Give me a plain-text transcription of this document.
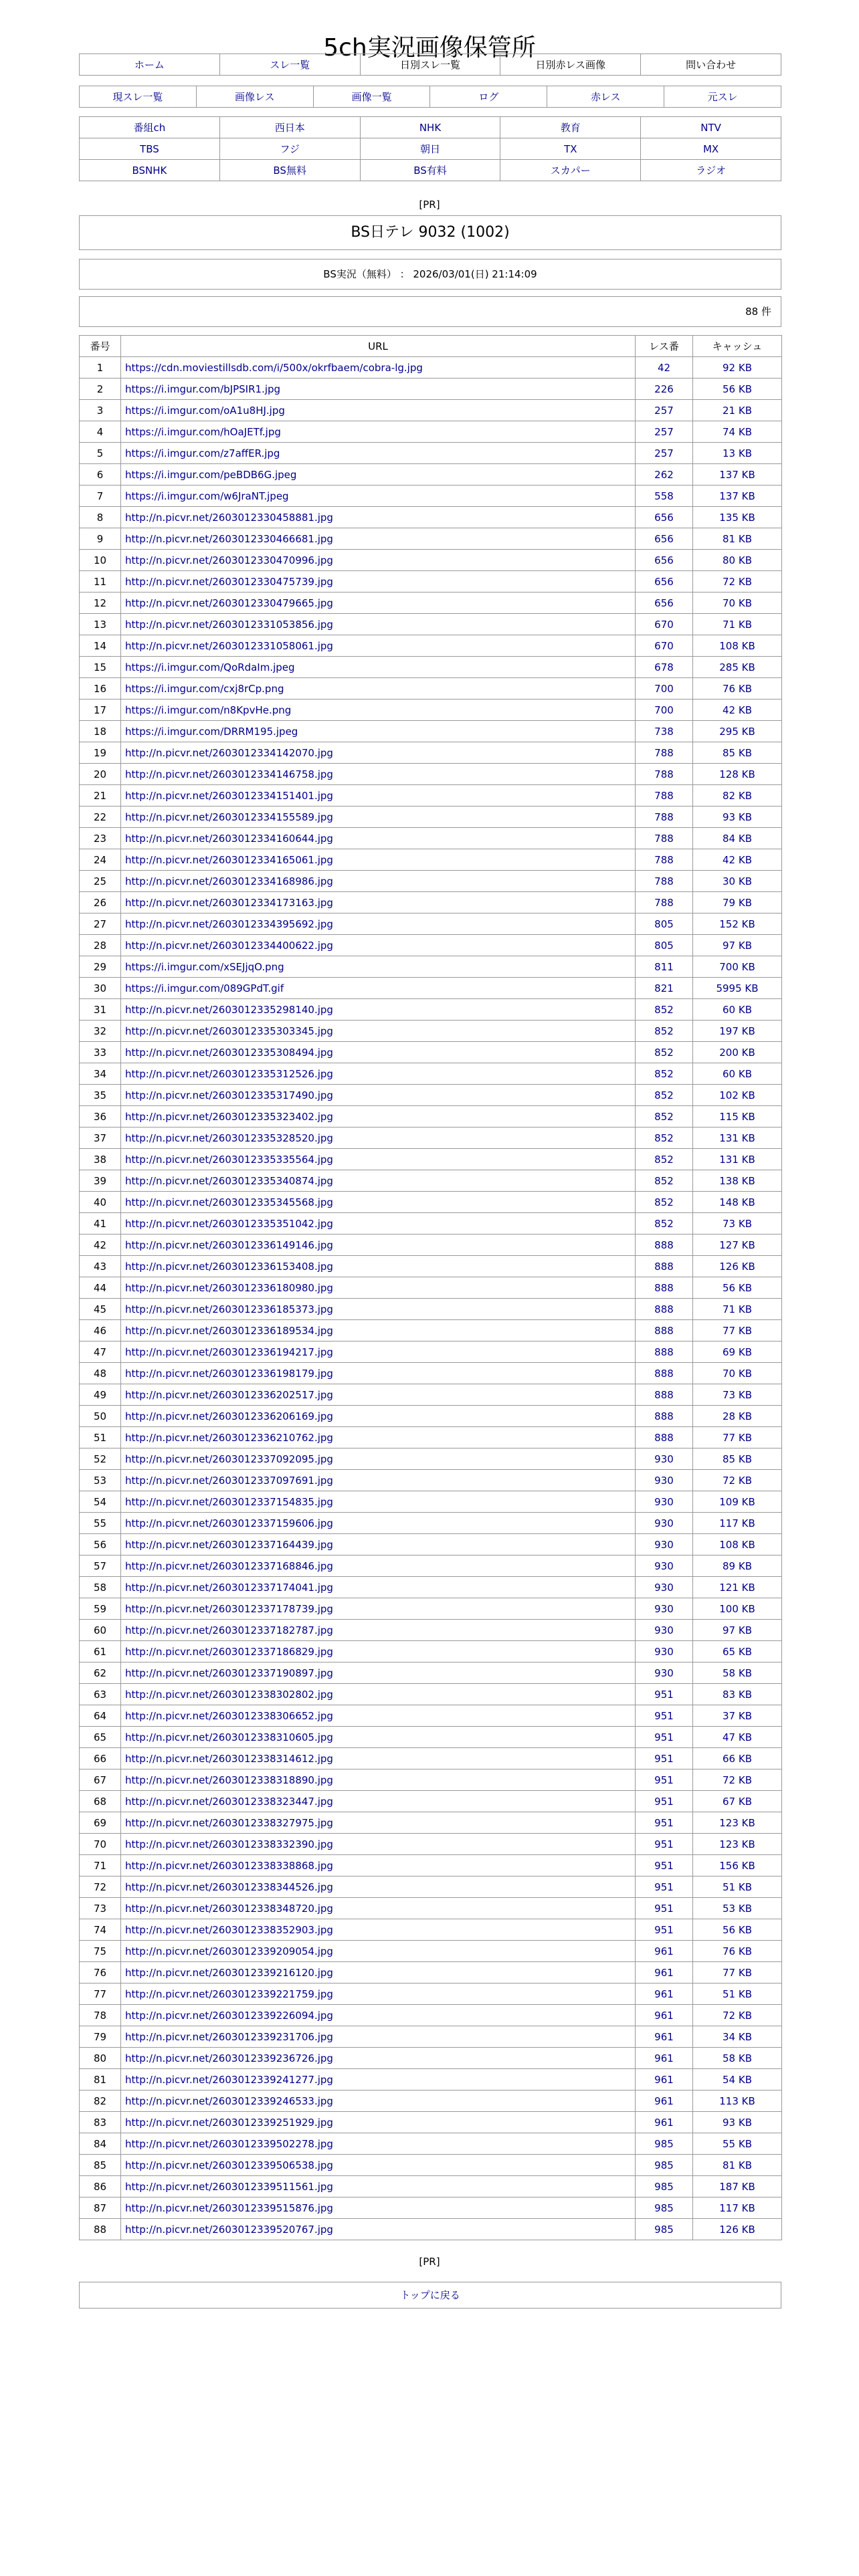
5ch実況画像保管所
ホーム	スレ一覧	日別スレ一覧	日別赤レス画像	問い合わせ
現スレ一覧	画像レス	画像一覧	ログ	赤レス	元スレ
番組ch	西日本	NHK	教育	NTV
TBS	フジ	朝日	TX	MX
BSNHK	BS無料	BS有料	スカパー	ラジオ
[PR]
BS日テレ 9032 (1002)
BS実況（無料） ： 2026/03/01(日) 21:14:09
88 件
番号	URL	レス番	キャッシュ
1	https://cdn.moviestillsdb.com/i/500x/okrfbaem/cobra-lg.jpg	42	92 KB
2	https://i.imgur.com/bJPSIR1.jpg	226	56 KB
3	https://i.imgur.com/oA1u8HJ.jpg	257	21 KB
4	https://i.imgur.com/hOaJETf.jpg	257	74 KB
5	https://i.imgur.com/z7affER.jpg	257	13 KB
6	https://i.imgur.com/peBDB6G.jpeg	262	137 KB
7	https://i.imgur.com/w6JraNT.jpeg	558	137 KB
8	http://n.picvr.net/2603012330458881.jpg	656	135 KB
9	http://n.picvr.net/2603012330466681.jpg	656	81 KB
10	http://n.picvr.net/2603012330470996.jpg	656	80 KB
11	http://n.picvr.net/2603012330475739.jpg	656	72 KB
12	http://n.picvr.net/2603012330479665.jpg	656	70 KB
13	http://n.picvr.net/2603012331053856.jpg	670	71 KB
14	http://n.picvr.net/2603012331058061.jpg	670	108 KB
15	https://i.imgur.com/QoRdaIm.jpeg	678	285 KB
16	https://i.imgur.com/cxj8rCp.png	700	76 KB
17	https://i.imgur.com/n8KpvHe.png	700	42 KB
18	https://i.imgur.com/DRRM195.jpeg	738	295 KB
19	http://n.picvr.net/2603012334142070.jpg	788	85 KB
20	http://n.picvr.net/2603012334146758.jpg	788	128 KB
21	http://n.picvr.net/2603012334151401.jpg	788	82 KB
22	http://n.picvr.net/2603012334155589.jpg	788	93 KB
23	http://n.picvr.net/2603012334160644.jpg	788	84 KB
24	http://n.picvr.net/2603012334165061.jpg	788	42 KB
25	http://n.picvr.net/2603012334168986.jpg	788	30 KB
26	http://n.picvr.net/2603012334173163.jpg	788	79 KB
27	http://n.picvr.net/2603012334395692.jpg	805	152 KB
28	http://n.picvr.net/2603012334400622.jpg	805	97 KB
29	https://i.imgur.com/xSEJjqO.png	811	700 KB
30	https://i.imgur.com/089GPdT.gif	821	5995 KB
31	http://n.picvr.net/2603012335298140.jpg	852	60 KB
32	http://n.picvr.net/2603012335303345.jpg	852	197 KB
33	http://n.picvr.net/2603012335308494.jpg	852	200 KB
34	http://n.picvr.net/2603012335312526.jpg	852	60 KB
35	http://n.picvr.net/2603012335317490.jpg	852	102 KB
36	http://n.picvr.net/2603012335323402.jpg	852	115 KB
37	http://n.picvr.net/2603012335328520.jpg	852	131 KB
38	http://n.picvr.net/2603012335335564.jpg	852	131 KB
39	http://n.picvr.net/2603012335340874.jpg	852	138 KB
40	http://n.picvr.net/2603012335345568.jpg	852	148 KB
41	http://n.picvr.net/2603012335351042.jpg	852	73 KB
42	http://n.picvr.net/2603012336149146.jpg	888	127 KB
43	http://n.picvr.net/2603012336153408.jpg	888	126 KB
44	http://n.picvr.net/2603012336180980.jpg	888	56 KB
45	http://n.picvr.net/2603012336185373.jpg	888	71 KB
46	http://n.picvr.net/2603012336189534.jpg	888	77 KB
47	http://n.picvr.net/2603012336194217.jpg	888	69 KB
48	http://n.picvr.net/2603012336198179.jpg	888	70 KB
49	http://n.picvr.net/2603012336202517.jpg	888	73 KB
50	http://n.picvr.net/2603012336206169.jpg	888	28 KB
51	http://n.picvr.net/2603012336210762.jpg	888	77 KB
52	http://n.picvr.net/2603012337092095.jpg	930	85 KB
53	http://n.picvr.net/2603012337097691.jpg	930	72 KB
54	http://n.picvr.net/2603012337154835.jpg	930	109 KB
55	http://n.picvr.net/2603012337159606.jpg	930	117 KB
56	http://n.picvr.net/2603012337164439.jpg	930	108 KB
57	http://n.picvr.net/2603012337168846.jpg	930	89 KB
58	http://n.picvr.net/2603012337174041.jpg	930	121 KB
59	http://n.picvr.net/2603012337178739.jpg	930	100 KB
60	http://n.picvr.net/2603012337182787.jpg	930	97 KB
61	http://n.picvr.net/2603012337186829.jpg	930	65 KB
62	http://n.picvr.net/2603012337190897.jpg	930	58 KB
63	http://n.picvr.net/2603012338302802.jpg	951	83 KB
64	http://n.picvr.net/2603012338306652.jpg	951	37 KB
65	http://n.picvr.net/2603012338310605.jpg	951	47 KB
66	http://n.picvr.net/2603012338314612.jpg	951	66 KB
67	http://n.picvr.net/2603012338318890.jpg	951	72 KB
68	http://n.picvr.net/2603012338323447.jpg	951	67 KB
69	http://n.picvr.net/2603012338327975.jpg	951	123 KB
70	http://n.picvr.net/2603012338332390.jpg	951	123 KB
71	http://n.picvr.net/2603012338338868.jpg	951	156 KB
72	http://n.picvr.net/2603012338344526.jpg	951	51 KB
73	http://n.picvr.net/2603012338348720.jpg	951	53 KB
74	http://n.picvr.net/2603012338352903.jpg	951	56 KB
75	http://n.picvr.net/2603012339209054.jpg	961	76 KB
76	http://n.picvr.net/2603012339216120.jpg	961	77 KB
77	http://n.picvr.net/2603012339221759.jpg	961	51 KB
78	http://n.picvr.net/2603012339226094.jpg	961	72 KB
79	http://n.picvr.net/2603012339231706.jpg	961	34 KB
80	http://n.picvr.net/2603012339236726.jpg	961	58 KB
81	http://n.picvr.net/2603012339241277.jpg	961	54 KB
82	http://n.picvr.net/2603012339246533.jpg	961	113 KB
83	http://n.picvr.net/2603012339251929.jpg	961	93 KB
84	http://n.picvr.net/2603012339502278.jpg	985	55 KB
85	http://n.picvr.net/2603012339506538.jpg	985	81 KB
86	http://n.picvr.net/2603012339511561.jpg	985	187 KB
87	http://n.picvr.net/2603012339515876.jpg	985	117 KB
88	http://n.picvr.net/2603012339520767.jpg	985	126 KB
[PR]
トップに戻る
